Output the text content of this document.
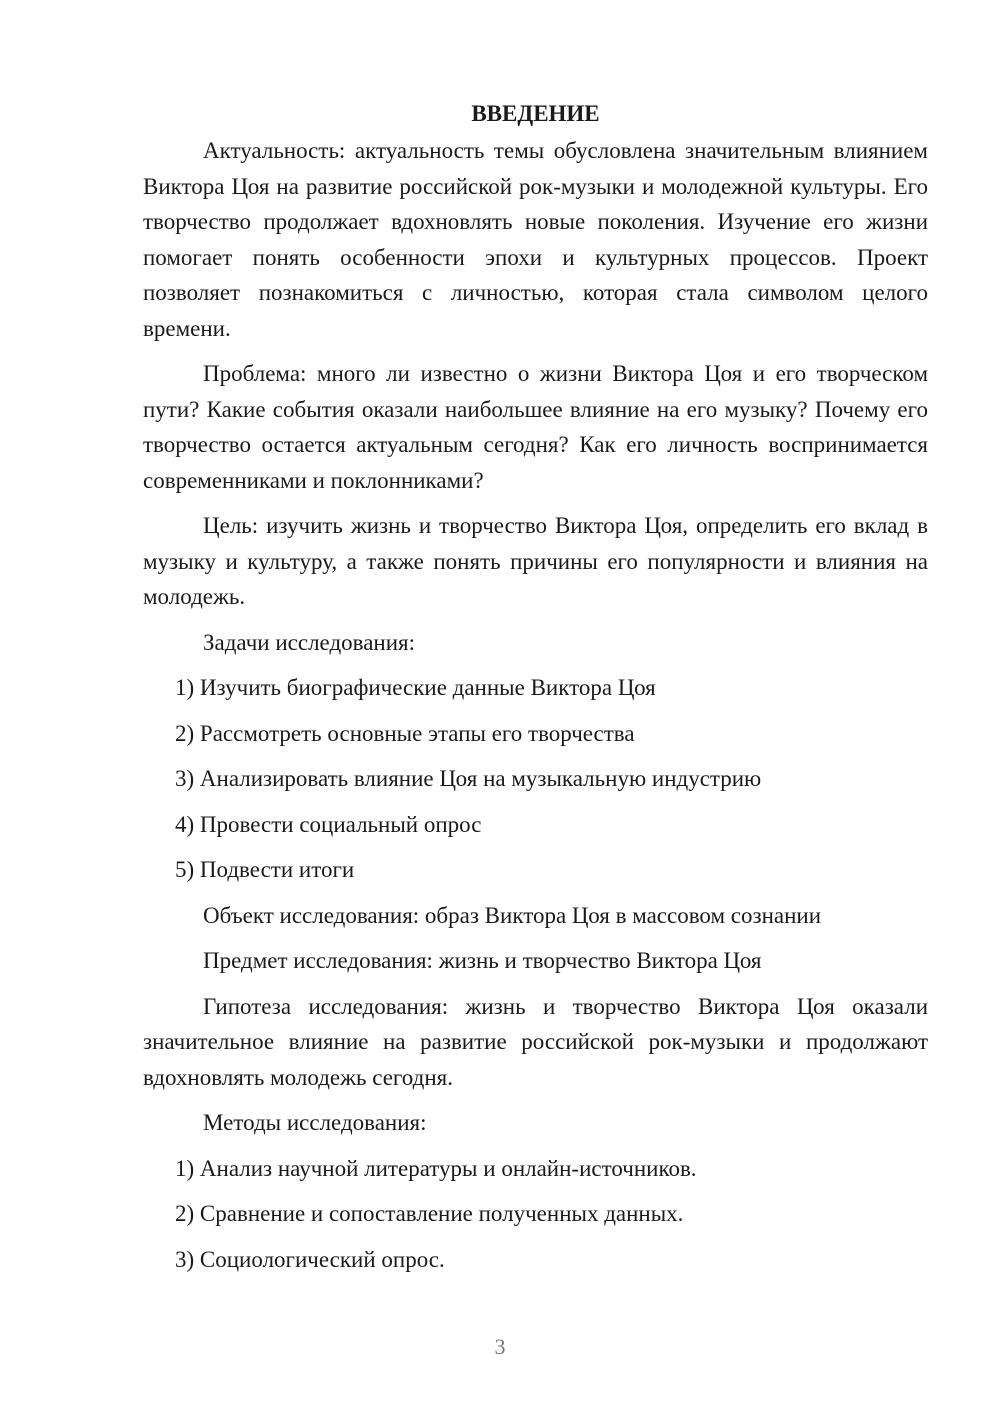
ВВЕДЕНИЕ

Актуальность: актуальность темы обусловлена значительным влиянием Виктора Цоя на развитие российской рок-музыки и молодежной культуры. Его творчество продолжает вдохновлять новые поколения. Изучение его жизни помогает понять особенности эпохи и культурных процессов. Проект позволяет познакомиться с личностью, которая стала символом целого времени.

Проблема: много ли известно о жизни Виктора Цоя и его творческом пути? Какие события оказали наибольшее влияние на его музыку? Почему его творчество остается актуальным сегодня? Как его личность воспринимается современниками и поклонниками?

Цель: изучить жизнь и творчество Виктора Цоя, определить его вклад в музыку и культуру, а также понять причины его популярности и влияния на молодежь.

Задачи исследования:
1) Изучить биографические данные Виктора Цоя
2) Рассмотреть основные этапы его творчества
3) Анализировать влияние Цоя на музыкальную индустрию
4) Провести социальный опрос
5) Подвести итоги
Объект исследования: образ Виктора Цоя в массовом сознании
Предмет исследования: жизнь и творчество Виктора Цоя

Гипотеза исследования: жизнь и творчество Виктора Цоя оказали значительное влияние на развитие российской рок-музыки и продолжают вдохновлять молодежь сегодня.

Методы исследования:
1) Анализ научной литературы и онлайн-источников.
2) Сравнение и сопоставление полученных данных.
3) Социологический опрос.
3
